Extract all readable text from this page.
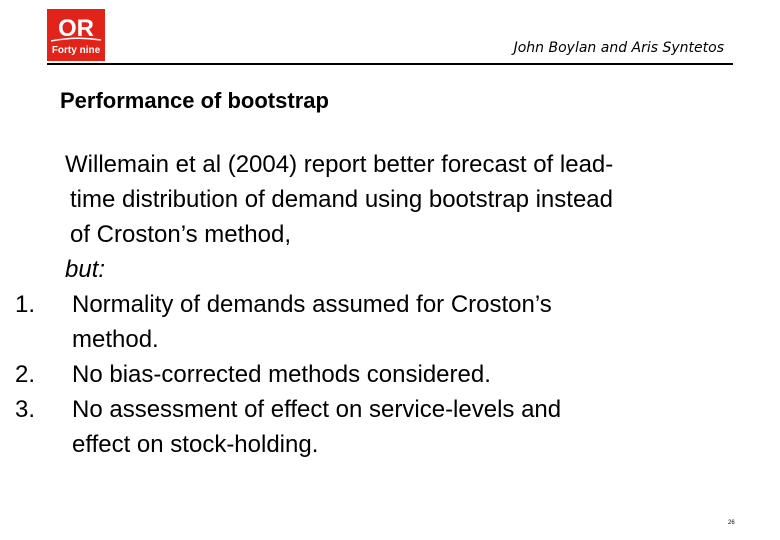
OR
Forty nine	John Boylan and Aris Syntetos
Performance of bootstrap
Willemain et al (2004) report better forecast of lead-
time distribution of demand using bootstrap instead
of Croston’s method,
but:
1. Normality of demands assumed for Croston’s
method.
2. No bias-corrected methods considered.
3. No assessment of effect on service-levels and
effect on stock-holding.
26
